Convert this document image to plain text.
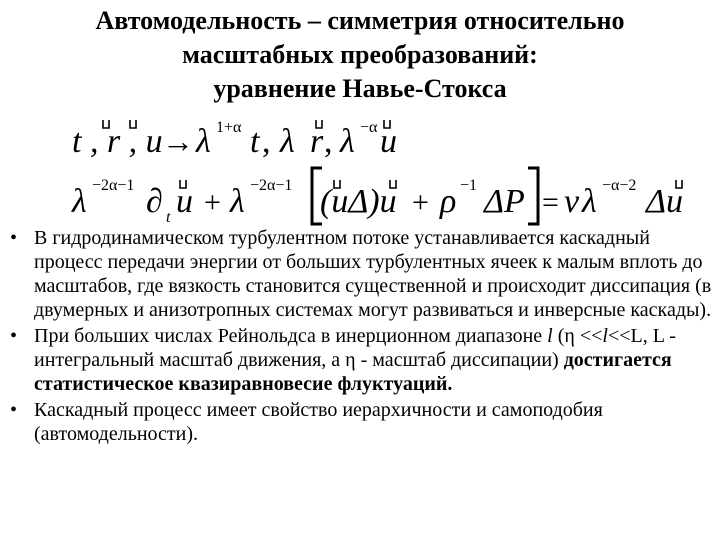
Автомодельность – симметрия относительно
масштабных преобразований:
уравнение Навье-Стокса
t , r , u → λ 1+α t , λ r , λ −α u
λ −2α−1 ∂ t u + λ −2α−1 (uΔ)u + ρ −1 ΔP = ν λ −α−2 Δu
• В гидродинамическом турбулентном потоке устанавливается каскадный процесс передачи энергии от больших турбулентных ячеек к малым вплоть до масштабов, где вязкость становится существенной и происходит диссипация (в двумерных и анизотропных системах могут развиваться и инверсные каскады).
• При больших числах Рейнольдса в инерционном диапазоне l (η <<l<<L, L - интегральный масштаб движения, а η - масштаб диссипации) достигается статистическое квазиравновесие флуктуаций.
• Каскадный процесс имеет свойство иерархичности и самоподобия (автомодельности).
